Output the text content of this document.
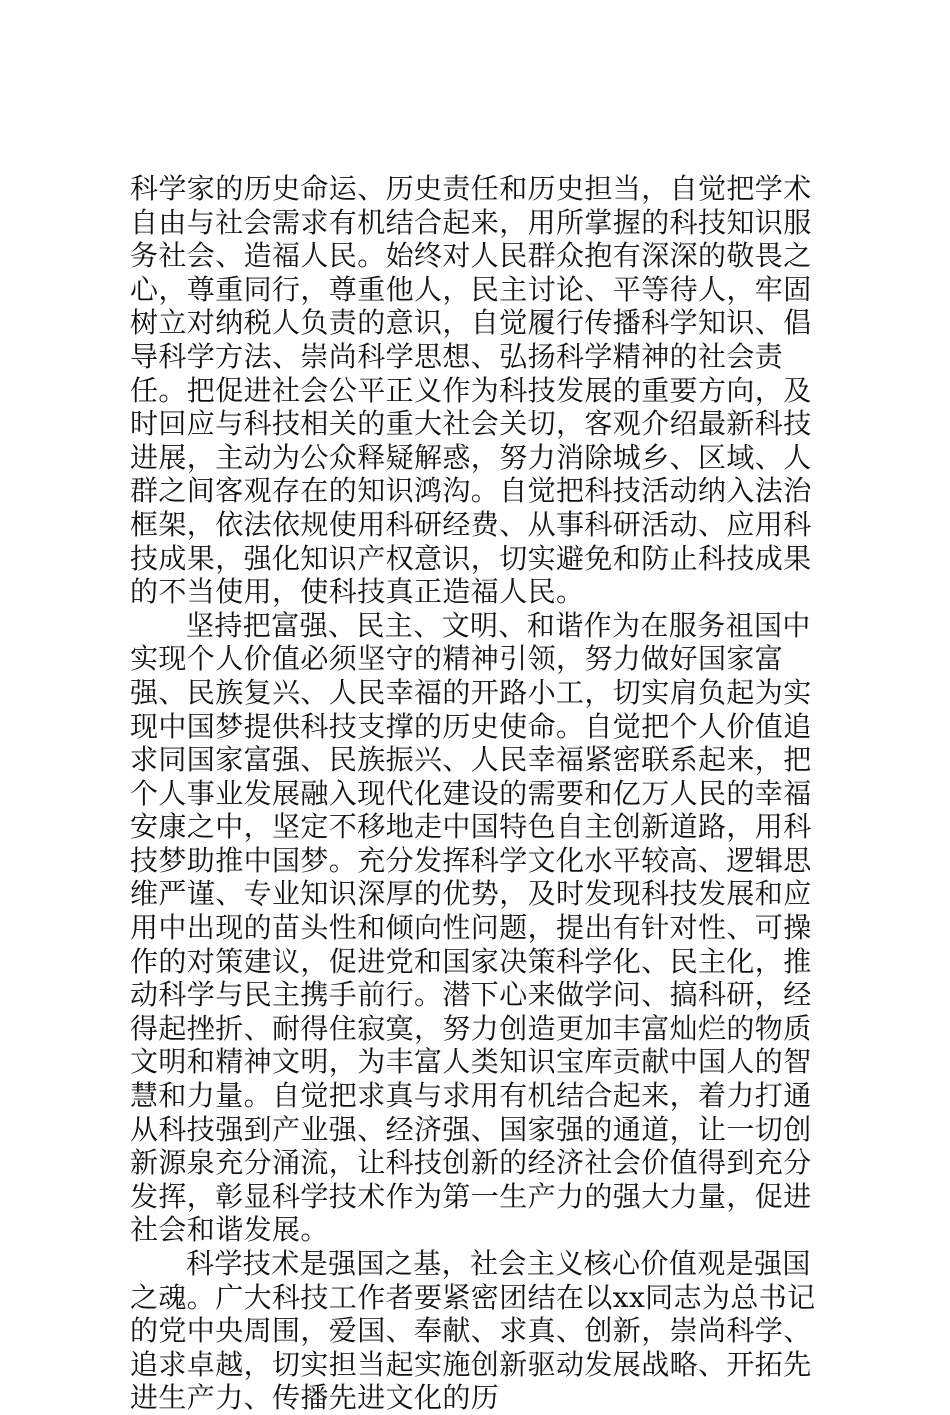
科学家的历史命运、历史责任和历史担当，自觉把学术自由与社会需求有机结合起来，用所掌握的科技知识服务社会、造福人民。始终对人民群众抱有深深的敬畏之心，尊重同行，尊重他人，民主讨论、平等待人，牢固树立对纳税人负责的意识，自觉履行传播科学知识、倡导科学方法、崇尚科学思想、弘扬科学精神的社会责任。把促进社会公平正义作为科技发展的重要方向，及时回应与科技相关的重大社会关切，客观介绍最新科技进展，主动为公众释疑解惑，努力消除城乡、区域、人群之间客观存在的知识鸿沟。自觉把科技活动纳入法治框架，依法依规使用科研经费、从事科研活动、应用科技成果，强化知识产权意识，切实避免和防止科技成果的不当使用，使科技真正造福人民。

坚持把富强、民主、文明、和谐作为在服务祖国中实现个人价值必须坚守的精神引领，努力做好国家富强、民族复兴、人民幸福的开路小工，切实肩负起为实现中国梦提供科技支撑的历史使命。自觉把个人价值追求同国家富强、民族振兴、人民幸福紧密联系起来，把个人事业发展融入现代化建设的需要和亿万人民的幸福安康之中，坚定不移地走中国特色自主创新道路，用科技梦助推中国梦。充分发挥科学文化水平较高、逻辑思维严谨、专业知识深厚的优势，及时发现科技发展和应用中出现的苗头性和倾向性问题，提出有针对性、可操作的对策建议，促进党和国家决策科学化、民主化，推动科学与民主携手前行。潜下心来做学问、搞科研，经得起挫折、耐得住寂寞，努力创造更加丰富灿烂的物质文明和精神文明，为丰富人类知识宝库贡献中国人的智慧和力量。自觉把求真与求用有机结合起来，着力打通从科技强到产业强、经济强、国家强的通道，让一切创新源泉充分涌流，让科技创新的经济社会价值得到充分发挥，彰显科学技术作为第一生产力的强大力量，促进社会和谐发展。

科学技术是强国之基，社会主义核心价值观是强国之魂。广大科技工作者要紧密团结在以xx同志为总书记的党中央周围，爱国、奉献、求真、创新，崇尚科学、追求卓越，切实担当起实施创新驱动发展战略、开拓先进生产力、传播先进文化的历
